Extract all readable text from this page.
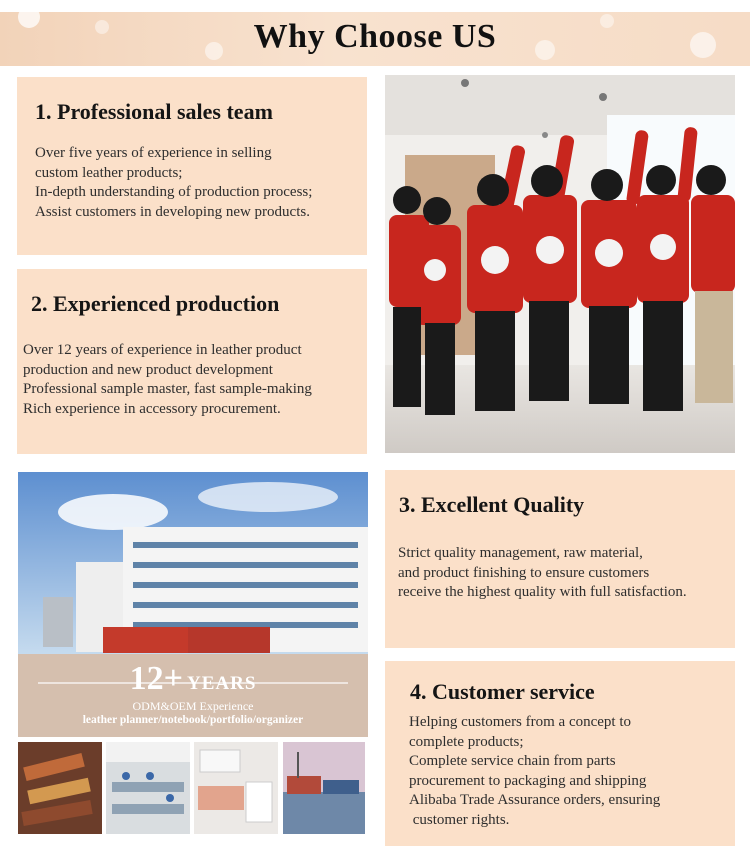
Why Choose US
1. Professional sales team

Over five years of experience in selling
custom leather products;
In-depth understanding of production process;
Assist customers in developing new products.

2. Experienced production

Over 12 years of experience in leather product
production and new product development
Professional sample master, fast sample-making
Rich experience in accessory procurement.

12+ YEARS
ODM&OEM Experience
leather planner/notebook/portfolio/organizer
3. Excellent Quality

Strict quality management, raw material,
and product finishing to ensure customers
receive the highest quality with full satisfaction.

4. Customer service

Helping customers from a concept to
complete products;
Complete service chain from parts
procurement to packaging and shipping
Alibaba Trade Assurance orders, ensuring
customer rights.
